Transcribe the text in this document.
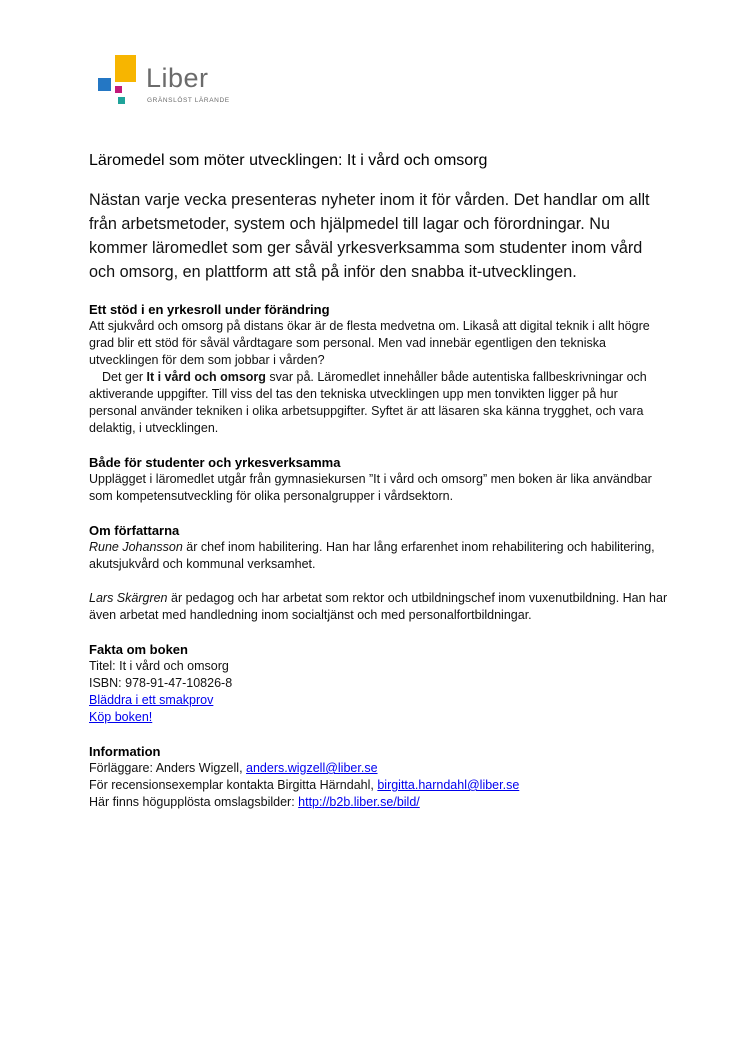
Liber
GRÄNSLÖST LÄRANDE
Läromedel som möter utvecklingen: It i vård och omsorg

Nästan varje vecka presenteras nyheter inom it för vården. Det handlar om allt från arbetsmetoder, system och hjälpmedel till lagar och förordningar. Nu kommer läromedlet som ger såväl yrkesverksamma som studenter inom vård och omsorg, en plattform att stå på inför den snabba it-utvecklingen.

Ett stöd i en yrkesroll under förändring

Att sjukvård och omsorg på distans ökar är de flesta medvetna om. Likaså att digital teknik i allt högre grad blir ett stöd för såväl vårdtagare som personal. Men vad innebär egentligen den tekniska utvecklingen för dem som jobbar i vården?

Det ger It i vård och omsorg svar på. Läromedlet innehåller både autentiska fallbeskrivningar och aktiverande uppgifter. Till viss del tas den tekniska utvecklingen upp men tonvikten ligger på hur personal använder tekniken i olika arbetsuppgifter. Syftet är att läsaren ska känna trygghet, och vara delaktig, i utvecklingen.

Både för studenter och yrkesverksamma

Upplägget i läromedlet utgår från gymnasiekursen ”It i vård och omsorg” men boken är lika användbar som kompetensutveckling för olika personalgrupper i vårdsektorn.

Om författarna

Rune Johansson är chef inom habilitering. Han har lång erfarenhet inom rehabilitering och habilitering, akutsjukvård och kommunal verksamhet.

Lars Skärgren är pedagog och har arbetat som rektor och utbildningschef inom vuxenutbildning. Han har även arbetat med handledning inom socialtjänst och med personalfortbildningar.

Fakta om boken
Titel: It i vård och omsorg
ISBN: 978-91-47-10826-8
Bläddra i ett smakprov
Köp boken!
Information
Förläggare: Anders Wigzell, anders.wigzell@liber.se
För recensionsexemplar kontakta Birgitta Härndahl, birgitta.harndahl@liber.se
Här finns högupplösta omslagsbilder: http://b2b.liber.se/bild/
